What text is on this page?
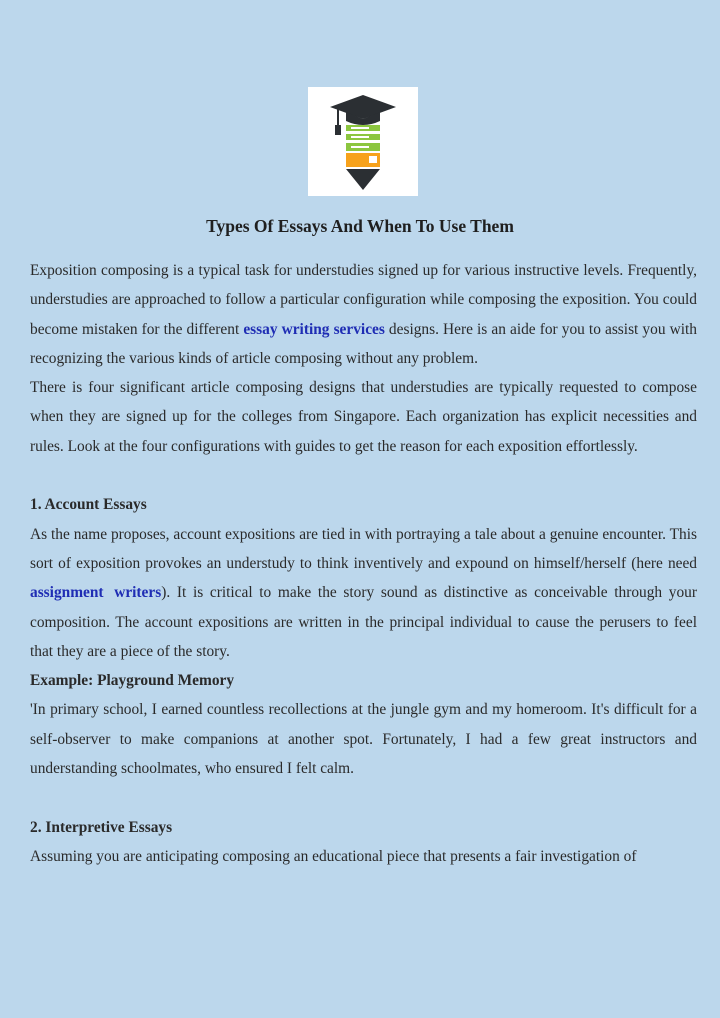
Types Of Essays And When To Use Them

Exposition composing is a typical task for understudies signed up for various instructive levels. Frequently, understudies are approached to follow a particular configuration while composing the exposition. You could become mistaken for the different essay writing services designs. Here is an aide for you to assist you with recognizing the various kinds of article composing without any problem.

There is four significant article composing designs that understudies are typically requested to compose when they are signed up for the colleges from Singapore. Each organization has explicit necessities and rules. Look at the four configurations with guides to get the reason for each exposition effortlessly.

1. Account Essays

As the name proposes, account expositions are tied in with portraying a tale about a genuine encounter. This sort of exposition provokes an understudy to think inventively and expound on himself/herself (here need assignment writers). It is critical to make the story sound as distinctive as conceivable through your composition. The account expositions are written in the principal individual to cause the perusers to feel that they are a piece of the story.

Example: Playground Memory

'In primary school, I earned countless recollections at the jungle gym and my homeroom. It's difficult for a self-observer to make companions at another spot. Fortunately, I had a few great instructors and understanding schoolmates, who ensured I felt calm.

2. Interpretive Essays

Assuming you are anticipating composing an educational piece that presents a fair investigation of
